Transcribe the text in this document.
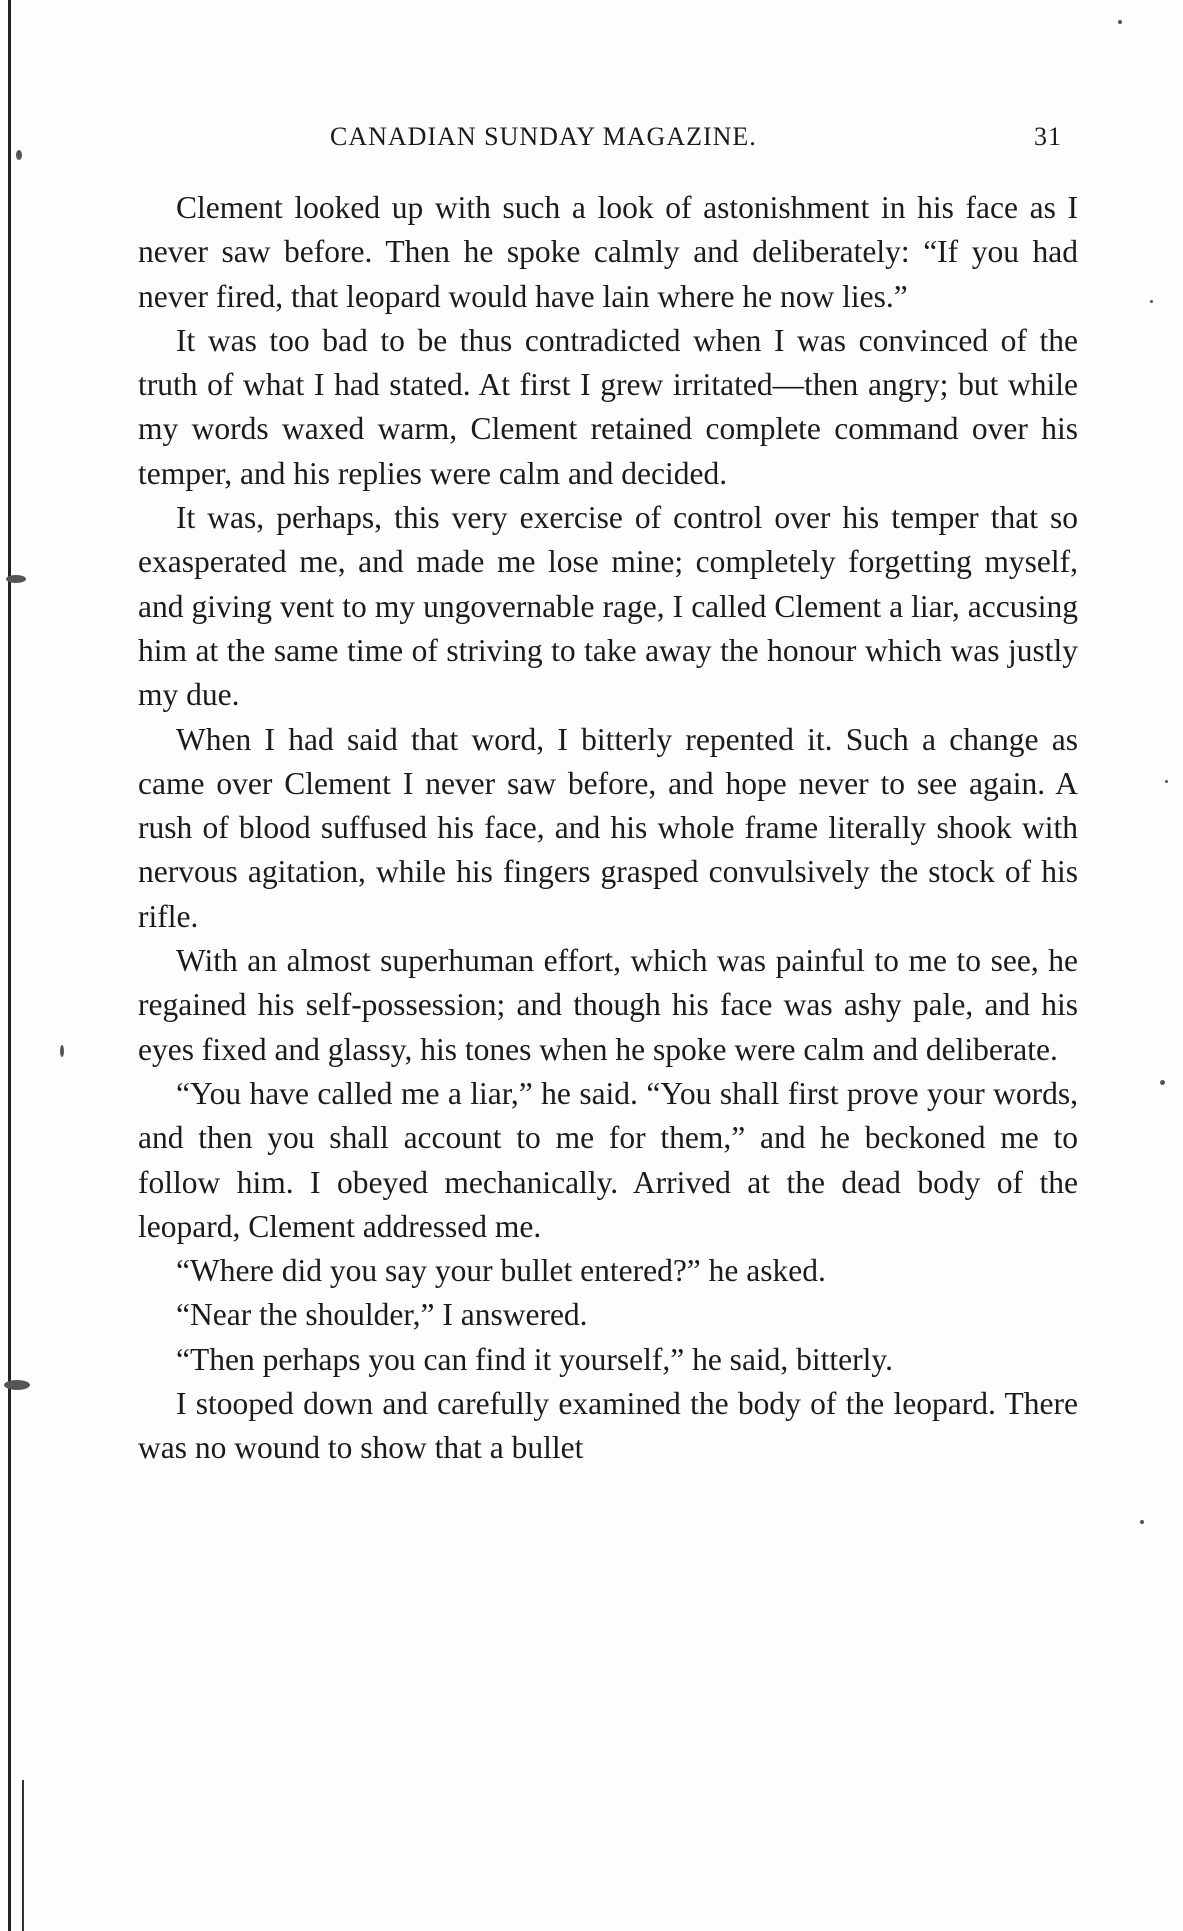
CANADIAN SUNDAY MAGAZINE.	31

Clement looked up with such a look of astonishment in his face as I never saw before. Then he spoke calmly and deliberately: “If you had never fired, that leopard would have lain where he now lies.”

It was too bad to be thus contradicted when I was convinced of the truth of what I had stated. At first I grew irritated—then angry; but while my words waxed warm, Clement retained complete command over his temper, and his replies were calm and decided.

It was, perhaps, this very exercise of control over his temper that so exasperated me, and made me lose mine; completely forgetting myself, and giving vent to my ungovernable rage, I called Clement a liar, accusing him at the same time of striving to take away the honour which was justly my due.

When I had said that word, I bitterly repented it. Such a change as came over Clement I never saw before, and hope never to see again. A rush of blood suffused his face, and his whole frame literally shook with nervous agitation, while his fingers grasped convulsively the stock of his rifle.

With an almost superhuman effort, which was painful to me to see, he regained his self-possession; and though his face was ashy pale, and his eyes fixed and glassy, his tones when he spoke were calm and deliberate.

“You have called me a liar,” he said. “You shall first prove your words, and then you shall account to me for them,” and he beckoned me to follow him. I obeyed mechanically. Arrived at the dead body of the leopard, Clement addressed me.

“Where did you say your bullet entered?” he asked.

“Near the shoulder,” I answered.

“Then perhaps you can find it yourself,” he said, bitterly.

I stooped down and carefully examined the body of the leopard. There was no wound to show that a bullet
